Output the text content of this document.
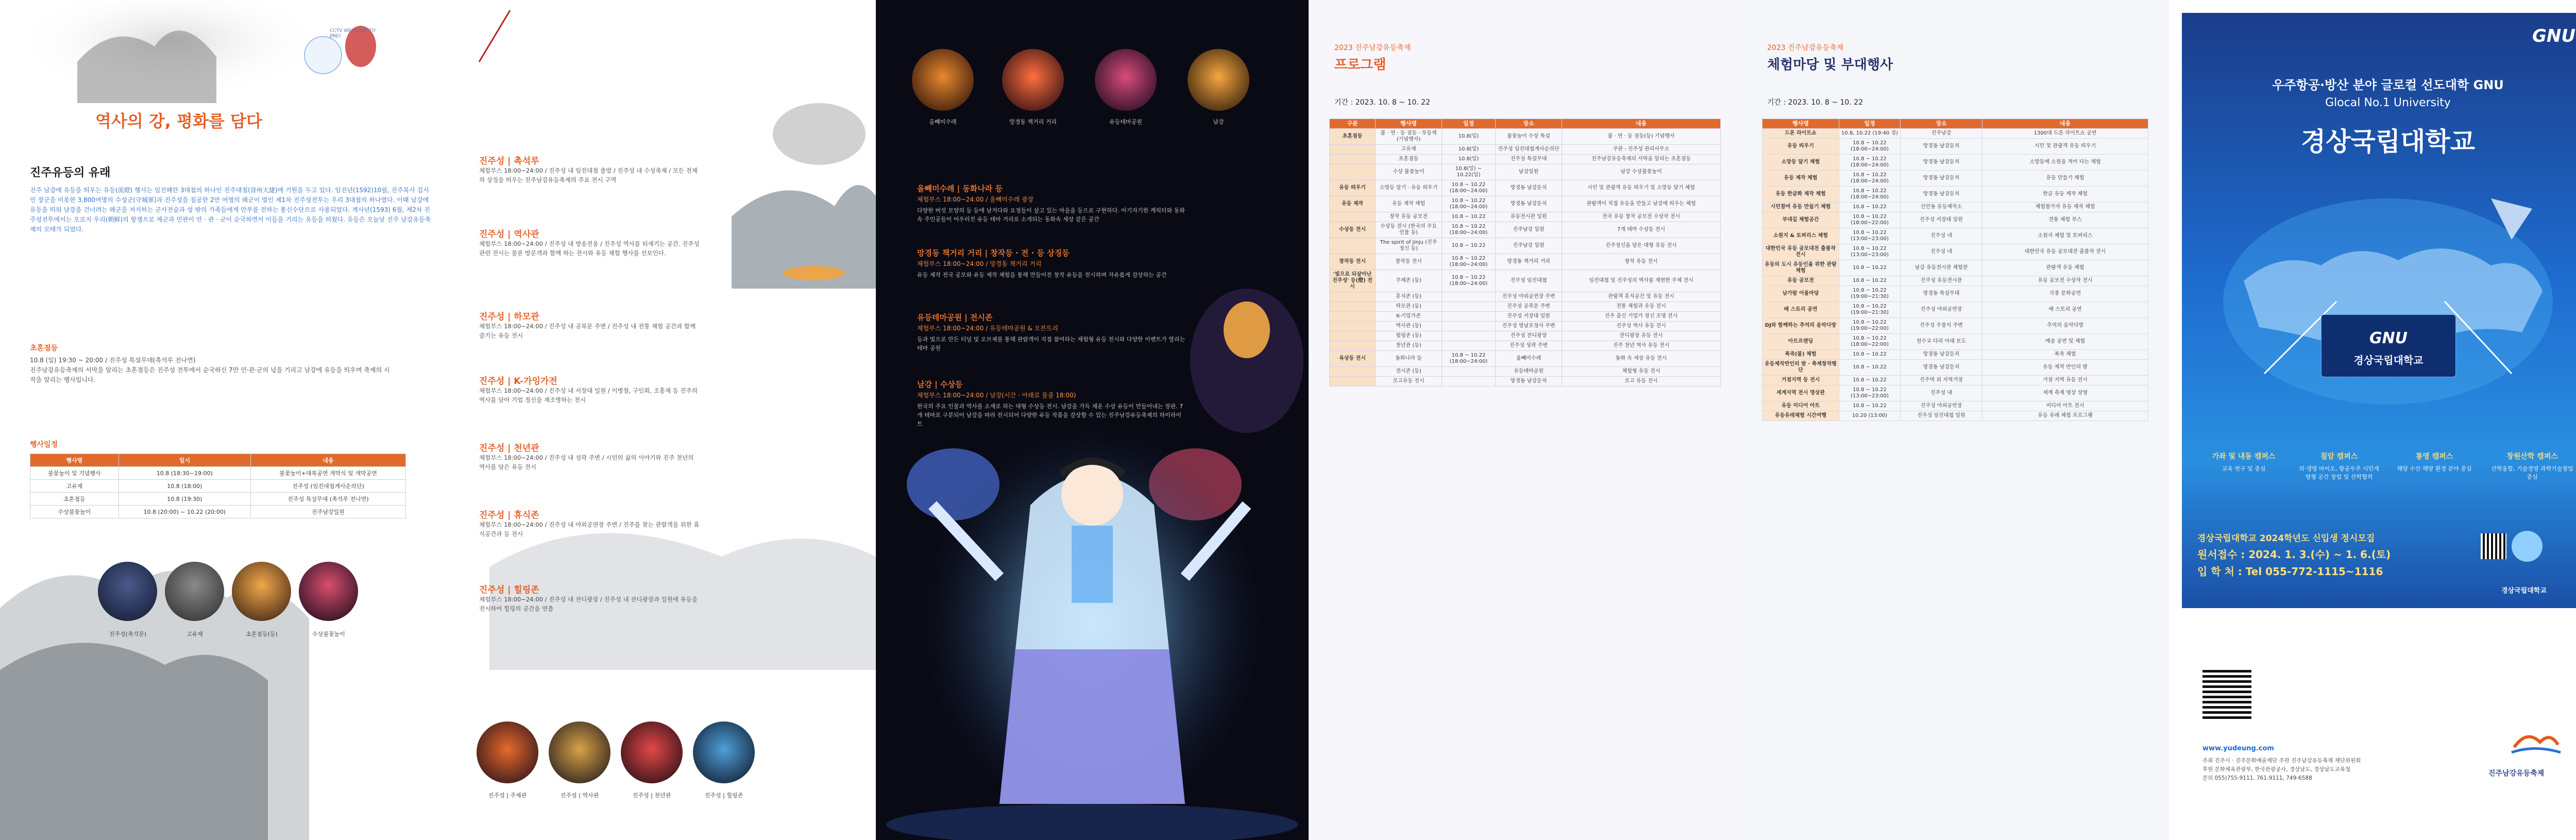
CCTV WELCOME TO JINJU
역사의 강, 평화를 담다
진주유등의 유래
진주 남강에 유등을 띄우는 유등(流燈) 행사는 임진왜란 3대첩의 하나인 진주대첩(晉州大捷)에 기원을 두고 있다. 임진년(1592)10월, 진주목사 김시민 장군을 비롯한 3,800여명의 수성군(守城軍)과 진주성을 침공한 2만 여명의 왜군이 벌인 제1차 진주성전투는 우리 3대첩의 하나였다. 이때 남강에 유등을 띄워 남강을 건너려는 왜군을 저지하는 군사전술과 성 밖의 가족들에게 안부를 전하는 통신수단으로 사용되었다. 계사년(1593) 6월, 제2차 진주성전투에서는 오로지 우리(朝鮮)의 항쟁으로 제군과 민관이 만 · 관 · 군이 순국하면서 이들을 기리는 유등을 띄웠다. 유등은 오늘날 진주 남강유등축제의 모태가 되었다.
초혼점등
10.8 (일) 19:30 ~ 20:00 / 진주성 특설무대(촉석루 전나면)
진주남강유등축제의 서막을 알리는 초혼점등은 진주성 전투에서 순국하신 7만 민·관·군의 넋을 기리고 남강에 유등을 띄우며 축제의 시작을 알리는 행사입니다.
행사일정
행사명	일시	내용
불꽃놀이 및 기념행사	10.8 (18:30~19:00)	불꽃놀이+대북공연 개막식 및 개막공연
고유제	10.8 (18:00)	진주성 (임진대첩계사순의단)
초혼점등	10.8 (19:30)	진주성 특설무대 (촉석루 전나면)
수상불꽃놀이	10.8 (20:00) ~ 10.22 (20:00)	진주남강일원
진주성(촉석문)	고유제	초혼점등(등)	수상불꽃놀이
진주성 | 촉석루
체험부스 18:00~24:00 / 진주성 내 임진대첩 출발 / 진주성 내 수성축제 / 모든 전체의 상징을 띄우는 진주남강유등축제의 주요 전시 구역
진주성 | 역사관
체험부스 18:00~24:00 / 진주성 내 방송전용 / 진주성 역사를 되새기는 공간. 진주성 관련 전시는 물론 방문객과 함께 하는 전시와 유등 체험 행사를 선보인다.
진주성 | 하모관
체험부스 18:00~24:00 / 진주성 내 공북문 주변 / 진주성 내 전통 체험 공간과 함께 즐기는 유등 전시
진주성 | K-가잉가전
체험부스 18:00~24:00 / 진주성 내 서장대 일원 / 이병철, 구인회, 조홍제 등 진주의 역사를 담아 기업 정신을 재조명하는 전시
진주성 | 천년관
체험부스 18:00~24:00 / 진주성 내 성곽 주변 / 시민의 삶의 이야기와 진주 천년의 역사를 담은 유등 전시
진주성 | 휴식존
체험부스 18:00~24:00 / 진주성 내 야외공연장 주변 / 진주를 찾는 관람객을 위한 휴식공간과 등 전시
진주성 | 힐링존
체험부스 18:00~24:00 / 진주성 내 잔디광장 / 진주성 내 잔디광장과 일원에 유등을 전시하여 힐링의 공간을 연출
진주성 | 주제관	진주성 | 역사관	진주성 | 천년관	진주성 | 힐링존
올빼미수레	망경동 책거리 거리	유등테마공원	남강
올빼미수레 | 동화나라 등
체험부스 18:00~24:00 / 올빼미수레 광장
다양한 버섯 모양의 등 등에 남겨다와 요정들이 살고 있는 마을을 등으로 구현하다. 아기자기한 캐릭터와 동화 속 주인공들이 어우러진 유등 테마 거리로 소개되는 동화속 세상 같은 공간
망경동 책거리 거리 | 창작등 · 전 · 등 상징등
체험부스 18:00~24:00 / 망경동 책거리 거리
유등 제작 전국 공모와 유등 제작 체험을 통해 만들어진 창작 유등을 전시하며 자유롭게 감상하는 공간
유등테마공원 | 전시존
체험부스 18:00~24:00 / 유등테마공원 & 오븐트리
등과 빛으로 만든 터널 및 오브제를 통해 관람객이 직접 참여하는 체험형 유등 전시와 다양한 이벤트가 열리는 테마 공원
남강 | 수상등
체험부스 18:00~24:00 / 남강(시간 · 아래로 물줄 18:00)
한국의 주요 인물과 역사를 소재로 하는 대형 수상등 전시. 남강을 가득 채운 수상 유등이 만들어내는 장관. 7개 테마로 구분되어 남강을 따라 전시되어 다양한 유등 작품을 감상할 수 있는 진주남강유등축제의 하이라이트
2023 진주남강유등축제
프로그램
기간 : 2023. 10. 8 ~ 10. 22
구분	행사명	일정	장소	내용
초혼점등	불 · 연 · 등 점등 · 부등제(기념행사)	10.8(일)	불꽃놀이 수상 특설	불 · 연 · 등 점등(등) 기념행사
	고유제	10.8(일)	진주성 임진대첩계사순의단	주관 : 진주성 관리사무소
	초혼점등	10.8(일)	진주성 특설무대	진주남강유등축제의 서막을 알리는 초혼점등
	수상 불꽃놀이	10.8(일) ~ 10.22(일)	남강일원	남강 수상불꽃놀이
유등 띄우기	소망등 달기 · 유등 띄우기	10.8 ~ 10.22 (18:00~24:00)	망경동 남강둔치	시민 및 관광객 유등 띄우기 및 소망등 달기 체험
유등 제작	유등 제작 체험	10.8 ~ 10.22 (18:00~24:00)	망경동 남강둔치	관람객이 직접 유등을 만들고 남강에 띄우는 체험
	창작 유등 공모전	10.8 ~ 10.22	유등전시관 일원	전국 유등 창작 공모전 수상작 전시
수상등 전시	수상등 전시 (한국의 주요 인물 등)	10.8 ~ 10.22 (18:00~24:00)	진주남강 일원	7개 테마 수상등 전시
	The spirit of Jinju (진주정신 등)	10.8 ~ 10.22	진주남강 일원	진주정신을 담은 대형 유등 전시
창작등 전시	창작등 전시	10.8 ~ 10.22 (18:00~24:00)	망경동 책거리 거리	창작 유등 전시
'빛으로 되살아난 진주성' 등(燈) 전시	주제존 (등)	10.8 ~ 10.22 (18:00~24:00)	진주성 임진대첩	임진대첩 및 진주성의 역사를 재현한 주제 전시
	휴식존 (등)		진주성 야외공연장 주변	관람객 휴식공간 및 유등 전시
	하모관 (등)		진주성 공북문 주변	전통 체험과 유등 전시
	K-기업가존		진주성 서장대 일원	진주 출신 기업가 정신 조명 전시
	역사관 (등)		진주성 영남포정사 주변	진주성 역사 유등 전시
	힐링존 (등)		진주성 잔디광장	잔디광장 유등 전시
	천년관 (등)		진주성 성곽 주변	진주 천년 역사 유등 전시
육상등 전시	동화나라 등	10.8 ~ 10.22 (18:00~24:00)	올빼미수레	동화 속 세상 유등 전시
	전시존 (등)		유등테마공원	체험형 유등 전시
	로고유등 전시		망경동 남강둔치	로고 유등 전시
2023 진주남강유등축제
체험마당 및 부대행사
기간 : 2023. 10. 8 ~ 10. 22
행사명	일정	장소	내용
드론 라이트쇼	10.8, 10.22 (19:40 경)	진주남강	1300대 드론 라이트쇼 공연
유등 띄우기	10.8 ~ 10.22 (18:00~24:00)	망경동 남강둔치	시민 및 관광객 유등 띄우기
소망등 달기 체험	10.8 ~ 10.22 (18:00~24:00)	망경동 남강둔치	소망등에 소원을 적어 다는 체험
유등 제작 체험	10.8 ~ 10.22 (18:00~24:00)	망경동 남강둔치	유등 만들기 체험
유등 한글화 제작 체험	10.8 ~ 10.22 (18:00~24:00)	망경동 남강둔치	한글 유등 제작 체험
시민참여 유등 만들기 체험	10.8 ~ 10.22	신안동 유등제작소	체험참가자 유등 제작 체험
부대길 체험공간	10.8 ~ 10.22 (18:00~22:00)	진주성 서장대 일원	전통 체험 부스
소원지 & 토퍼리스 체험	10.8 ~ 10.22 (13:00~23:00)	진주성 내	소원지 체험 및 토퍼리스
대한민국 유등 공모대전 출품작 전시	10.8 ~ 10.22 (13:00~23:00)	진주성 내	대한민국 유등 공모대전 출품작 전시
유등의 도시 유등인을 위한 관람체험	10.8 ~ 10.22	남강 유등전시관 체험관	관람객 유등 체험
유등 공모전	10.8 ~ 10.22	진주성 유등전시관	유등 공모전 수상작 전시
남가람 어울마당	10.8 ~ 10.22 (19:00~21:30)	망경동 특설무대	각종 문화공연
배 스토리 공연	10.8 ~ 10.22 (19:00~21:30)	진주성 야외공연장	배 스토리 공연
DJ와 함께하는 추억의 음악다방	10.8 ~ 10.22 (19:00~22:00)	진주성 우물식 주변	추억의 음악다방
아트프렌딩	10.8 ~ 10.22 (18:00~22:00)	천수교 다리 아래 보도	예술 공연 및 체험
폭죽(불) 체험	10.8 ~ 10.22	망경동 남강둔치	폭죽 체험
유등제작반인의 밤 · 축제창작평단	10.8 ~ 10.22	망경동 남강둔치	유등 제작 반인의 밤
거점지역 등 전시	10.8 ~ 10.22	진주역 외 지역거점	거점 지역 유등 전시
세계지역 전시 영상관	10.8 ~ 10.22 (13:00~23:00)	진주성 내	세계 축제 영상 상영
유등 미디어 아트	10.8 ~ 10.22	진주성 야외공연장	미디어 아트 전시
유등유래체험 시간여행	10.20 (13:00)	진주성 임진대첩 일원	유등 유래 체험 프로그램
GNU
우주항공·방산 분야 글로컬 선도대학 GNU
Glocal No.1 University
경상국립대학교
GNU
경상국립대학교
가좌 및 내동 캠퍼스
교육 연구 및 중심
칠암 캠퍼스
의·생명 바이오, 항공우주 시민개방형 공간 창업 및 산학협력
통영 캠퍼스
해양 수산 해양 환경 분야 중심
창원산학 캠퍼스
산학융합, 기술경영 과학기술창업 중심
경상국립대학교 2024학년도 신입생 정시모집
원서접수 : 2024. 1. 3.(수) ~ 1. 6.(토)
입 학 처 : Tel 055-772-1115~1116
경상국립대학교
www.yudeung.com
주최 진주시 · 진주문화예술재단 주관 진주남강유등축제 재단위원회
후원 문화체육관광부, 한국관광공사, 경상남도, 경상남도교육청
문의 055)755-9111, 761-9111, 749-6588
진주남강유등축제
